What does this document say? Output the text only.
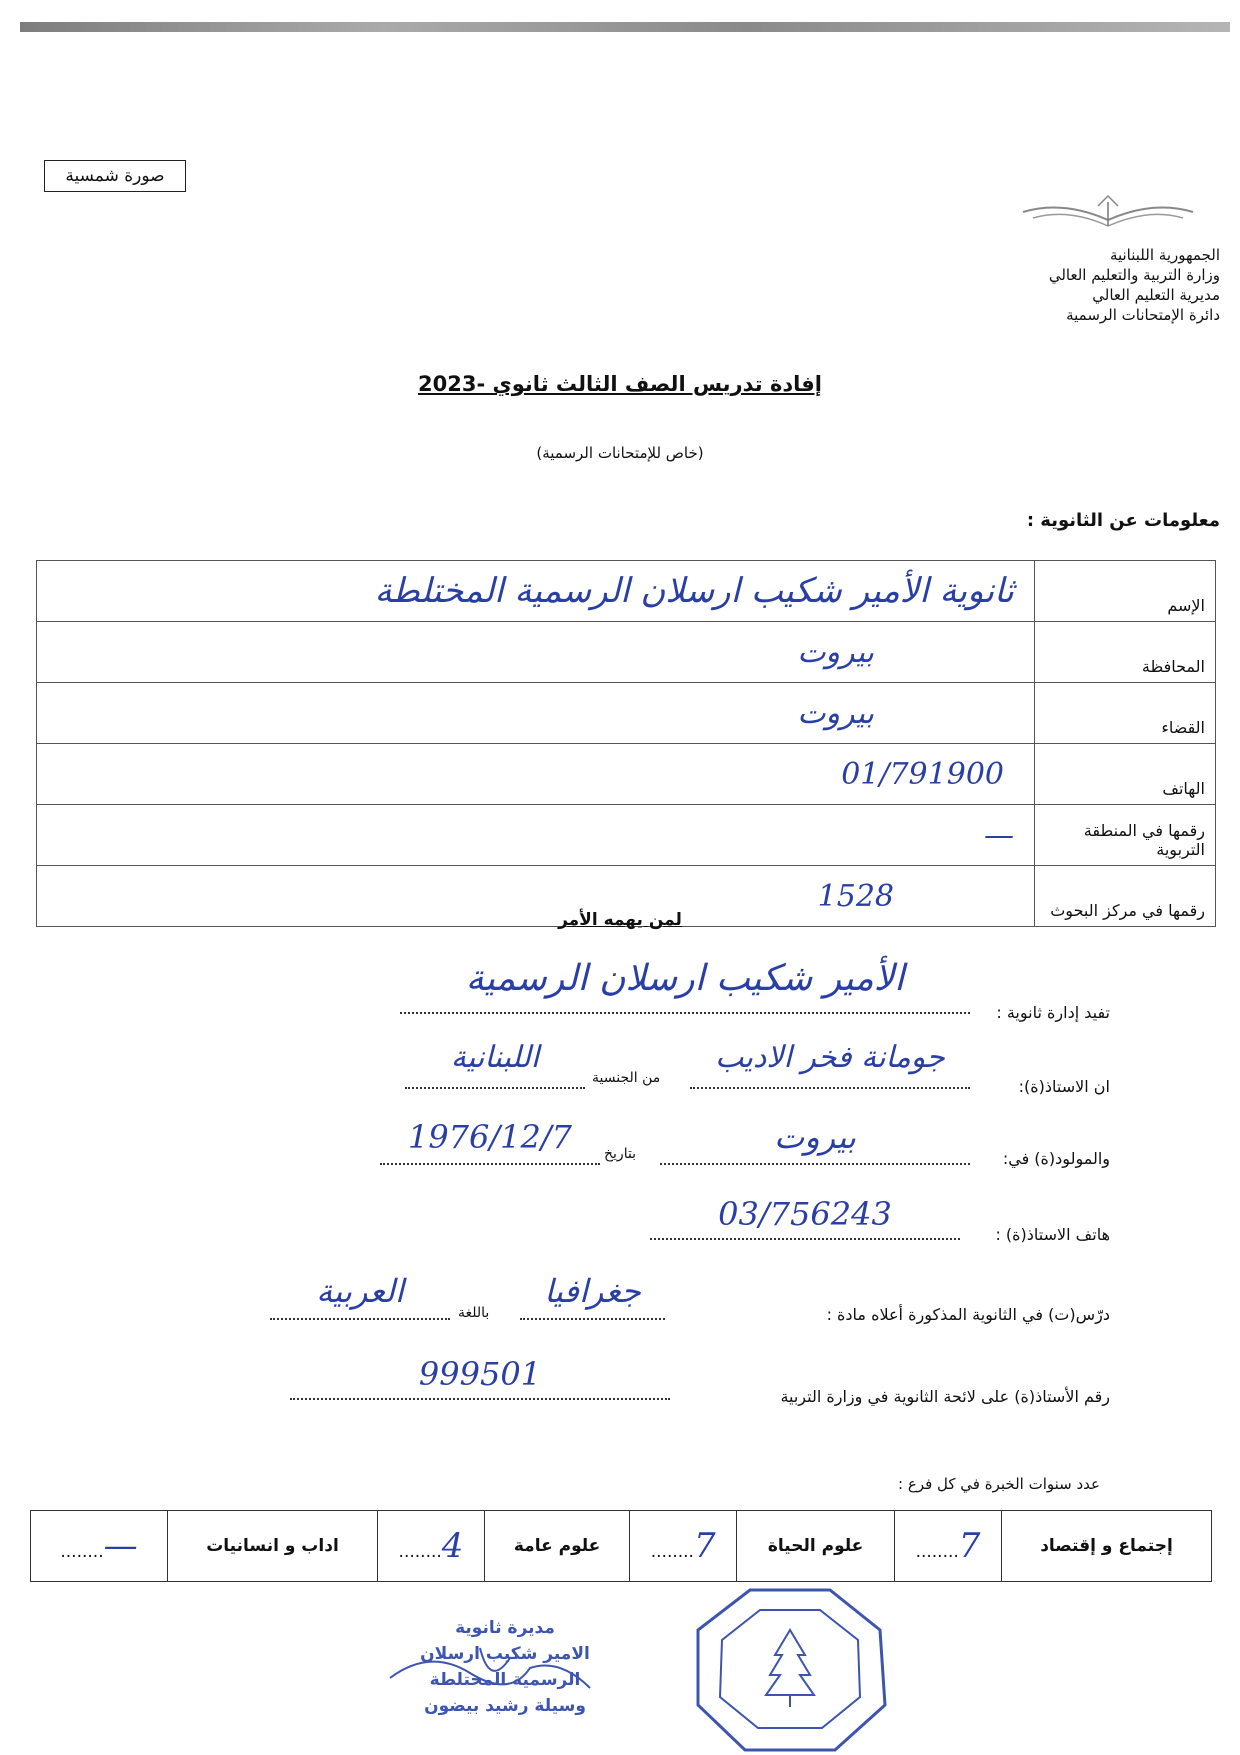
صورة شمسية
الجمهورية اللبنانية
وزارة التربية والتعليم العالي
مديرية التعليم العالي
دائرة الإمتحانات الرسمية
إفادة تدريس الصف الثالث ثانوي -2023
(خاص للإمتحانات الرسمية)
معلومات عن الثانوية :
الإسم	ثانوية الأمير شكيب ارسلان الرسمية المختلطة
المحافظة	بيروت
القضاء	بيروت
الهاتف	01/791900
رقمها في المنطقة التربوية	—
رقمها في مركز البحوث	1528
لمن يهمه الأمر
تفيد إدارة ثانوية :
الأمير شكيب ارسلان الرسمية
ان الاستاذ(ة):
جومانة فخر الاديب
من الجنسية
اللبنانية
والمولود(ة) في:
بيروت
بتاريخ
1976/12/7
هاتف الاستاذ(ة) :
03/756243
درّس(ت) في الثانوية المذكورة أعلاه مادة :
جغرافيا
باللغة
العربية
رقم الأستاذ(ة) على لائحة الثانوية في وزارة التربية
999501
عدد سنوات الخبرة في كل فرع :
إجتماع و إقتصاد	7........	علوم الحياة	7........	علوم عامة	4........	اداب و انسانيات	—........
مديرة ثانوية
الامير شكيب ارسلان
الرسمية المختلطة
وسيلة رشيد بيضون
